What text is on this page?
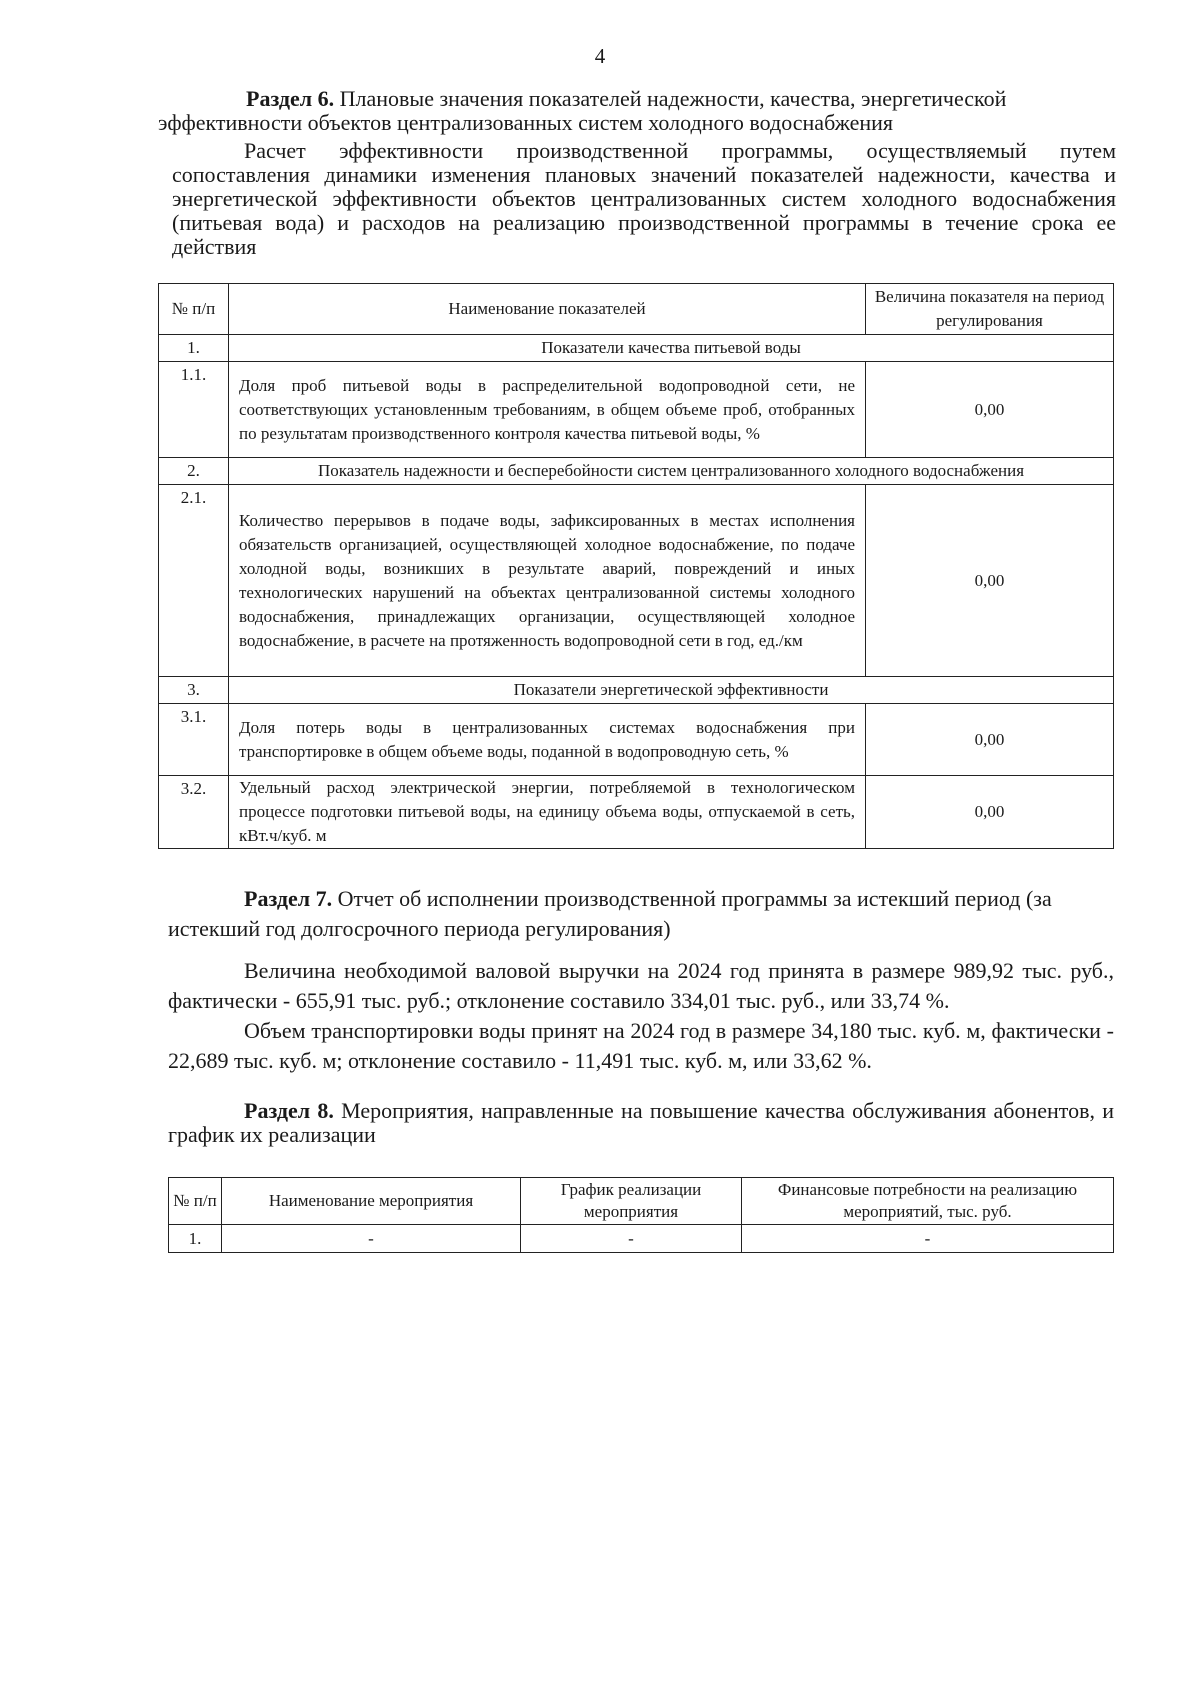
4
Раздел 6. Плановые значения показателей надежности, качества, энергетической эффективности объектов централизованных систем холодного водоснабжения
Расчет эффективности производственной программы, осуществляемый путем сопоставления динамики изменения плановых значений показателей надежности, качества и энергетической эффективности объектов централизованных систем холодного водоснабжения (питьевая вода) и расходов на реализацию производственной программы в течение срока ее действия
№ п/п	Наименование показателей	Величина показателя на период регулирования
1.	Показатели качества питьевой воды	
1.1.	Доля проб питьевой воды в распределительной водопроводной сети, не соответствующих установленным требованиям, в общем объеме проб, отобранных по результатам производственного контроля качества питьевой воды, %	0,00
2.	Показатель надежности и бесперебойности систем централизованного холодного водоснабжения	
2.1.	Количество перерывов в подаче воды, зафиксированных в местах исполнения обязательств организацией, осуществляющей холодное водоснабжение, по подаче холодной воды, возникших в результате аварий, повреждений и иных технологических нарушений на объектах централизованной системы холодного водоснабжения, принадлежащих организации, осуществляющей холодное водоснабжение, в расчете на протяженность водопроводной сети в год, ед./км	0,00
3.	Показатели энергетической эффективности	
3.1.	Доля потерь воды в централизованных системах водоснабжения при транспортировке в общем объеме воды, поданной в водопроводную сеть, %	0,00
3.2.	Удельный расход электрической энергии, потребляемой в технологическом процессе подготовки питьевой воды, на единицу объема воды, отпускаемой в сеть, кВт.ч/куб. м	0,00
Раздел 7. Отчет об исполнении производственной программы за истекший период (за истекший год долгосрочного периода регулирования)
Величина необходимой валовой выручки на 2024 год принята в размере 989,92 тыс. руб., фактически - 655,91 тыс. руб.; отклонение составило 334,01 тыс. руб., или 33,74 %.
Объем транспортировки воды принят на 2024 год в размере 34,180 тыс. куб. м, фактически - 22,689 тыс. куб. м; отклонение составило - 11,491 тыс. куб. м, или 33,62 %.
Раздел 8. Мероприятия, направленные на повышение качества обслуживания абонентов, и график их реализации
№ п/п	Наименование мероприятия	График реализации мероприятия	Финансовые потребности на реализацию мероприятий, тыс. руб.
1.	-	-	-
